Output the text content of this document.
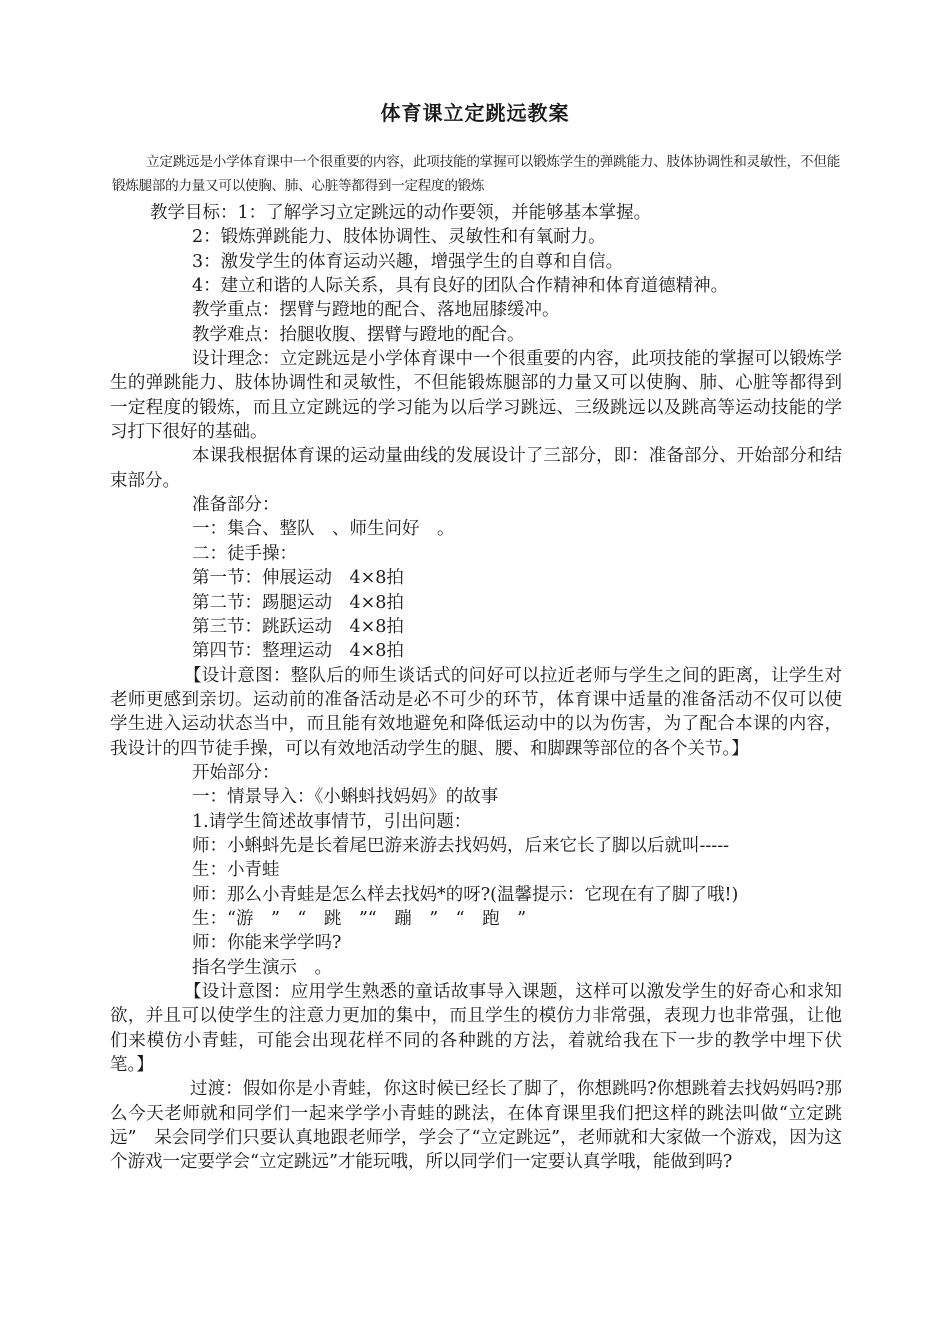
体育课立定跳远教案
立定跳远是小学体育课中一个很重要的内容，此项技能的掌握可以锻炼学生的弹跳能力、肢体协调性和灵敏性，不但能锻炼腿部的力量又可以使胸、肺、心脏等都得到一定程度的锻炼
教学目标：1：了解学习立定跳远的动作要领，并能够基本掌握。
2：锻炼弹跳能力、肢体协调性、灵敏性和有氧耐力。
3：激发学生的体育运动兴趣，增强学生的自尊和自信。
4：建立和谐的人际关系，具有良好的团队合作精神和体育道德精神。
教学重点：摆臂与蹬地的配合、落地屈膝缓冲。
教学难点：抬腿收腹、摆臂与蹬地的配合。
设计理念：立定跳远是小学体育课中一个很重要的内容，此项技能的掌握可以锻炼学生的弹跳能力、肢体协调性和灵敏性，不但能锻炼腿部的力量又可以使胸、肺、心脏等都得到一定程度的锻炼，而且立定跳远的学习能为以后学习跳远、三级跳远以及跳高等运动技能的学习打下很好的基础。
本课我根据体育课的运动量曲线的发展设计了三部分，即：准备部分、开始部分和结束部分。
准备部分：
一：集合、整队　、师生问好　。
二：徒手操：
第一节：伸展运动　4×8拍
第二节：踢腿运动　4×8拍
第三节：跳跃运动　4×8拍
第四节：整理运动　4×8拍
【设计意图：整队后的师生谈话式的问好可以拉近老师与学生之间的距离，让学生对老师更感到亲切。运动前的准备活动是必不可少的环节，体育课中适量的准备活动不仅可以使学生进入运动状态当中，而且能有效地避免和降低运动中的以为伤害，为了配合本课的内容，我设计的四节徒手操，可以有效地活动学生的腿、腰、和脚踝等部位的各个关节。】
开始部分：
一：情景导入：《小蝌蚪找妈妈》的故事
1.请学生简述故事情节，引出问题：
师：小蝌蚪先是长着尾巴游来游去找妈妈，后来它长了脚以后就叫-----
生：小青蛙
师：那么小青蛙是怎么样去找妈*的呀?(温馨提示：它现在有了脚了哦!)
生：“游　”　“　跳　”“　蹦　”　“　跑　”
师：你能来学学吗?
指名学生演示　。
【设计意图：应用学生熟悉的童话故事导入课题，这样可以激发学生的好奇心和求知欲，并且可以使学生的注意力更加的集中，而且学生的模仿力非常强，表现力也非常强，让他们来模仿小青蛙，可能会出现花样不同的各种跳的方法，着就给我在下一步的教学中埋下伏笔。】
过渡：假如你是小青蛙，你这时候已经长了脚了，你想跳吗?你想跳着去找妈妈吗?那么今天老师就和同学们一起来学学小青蛙的跳法，在体育课里我们把这样的跳法叫做“立定跳远”　呆会同学们只要认真地跟老师学，学会了“立定跳远”，老师就和大家做一个游戏，因为这个游戏一定要学会“立定跳远”才能玩哦，所以同学们一定要认真学哦，能做到吗?
